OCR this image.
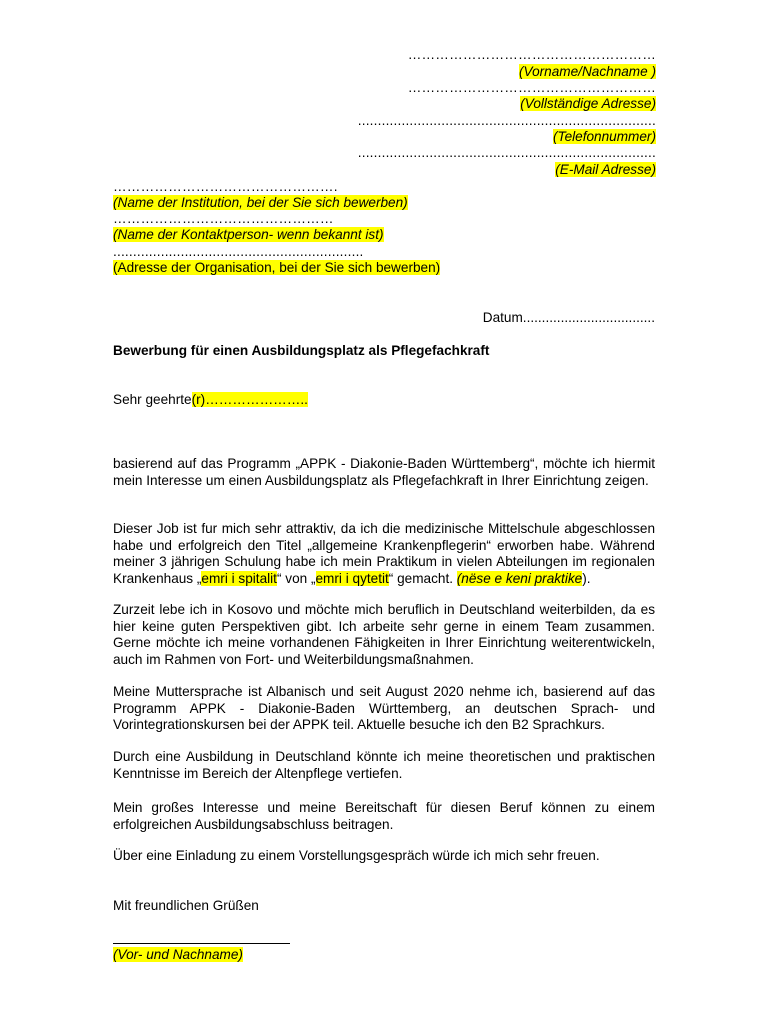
………………………………………………
(Vorname/Nachname )
………………………………………………
(Vollständige Adresse)
...........................................................................
(Telefonnummer)
...........................................................................
(E-Mail Adresse)
………………………………………….
(Name der Institution, bei der Sie sich bewerben)
…………………………………………
(Name der Kontaktperson- wenn bekannt ist)
...............................................................
(Adresse der Organisation, bei der Sie sich bewerben)
Datum...................................
Bewerbung für einen Ausbildungsplatz als Pflegefachkraft
Sehr geehrte(r)…………………..

basierend auf das Programm „APPK - Diakonie-Baden Württemberg“, möchte ich hiermit mein Interesse um einen Ausbildungsplatz als Pflegefachkraft in Ihrer Einrichtung zeigen.

Dieser Job ist fur mich sehr attraktiv, da ich die medizinische Mittelschule abgeschlossen habe und erfolgreich den Titel „allgemeine Krankenpflegerin“ erworben habe. Während meiner 3 jährigen Schulung habe ich mein Praktikum in vielen Abteilungen im regionalen Krankenhaus „emri i spitalit“ von „emri i qytetit“ gemacht. (nëse e keni praktike).

Zurzeit lebe ich in Kosovo und möchte mich beruflich in Deutschland weiterbilden, da es hier keine guten Perspektiven gibt. Ich arbeite sehr gerne in einem Team zusammen. Gerne möchte ich meine vorhandenen Fähigkeiten in Ihrer Einrichtung weiterentwickeln, auch im Rahmen von Fort- und Weiterbildungsmaßnahmen.

Meine Muttersprache ist Albanisch und seit August 2020 nehme ich, basierend auf das Programm APPK - Diakonie-Baden Württemberg, an deutschen Sprach- und Vorintegrationskursen bei der APPK teil. Aktuelle besuche ich den B2 Sprachkurs.

Durch eine Ausbildung in Deutschland könnte ich meine theoretischen und praktischen Kenntnisse im Bereich der Altenpflege vertiefen.

Mein großes Interesse und meine Bereitschaft für diesen Beruf können zu einem erfolgreichen Ausbildungsabschluss beitragen.

Über eine Einladung zu einem Vorstellungsgespräch würde ich mich sehr freuen.

Mit freundlichen Grüßen
(Vor- und Nachname)
